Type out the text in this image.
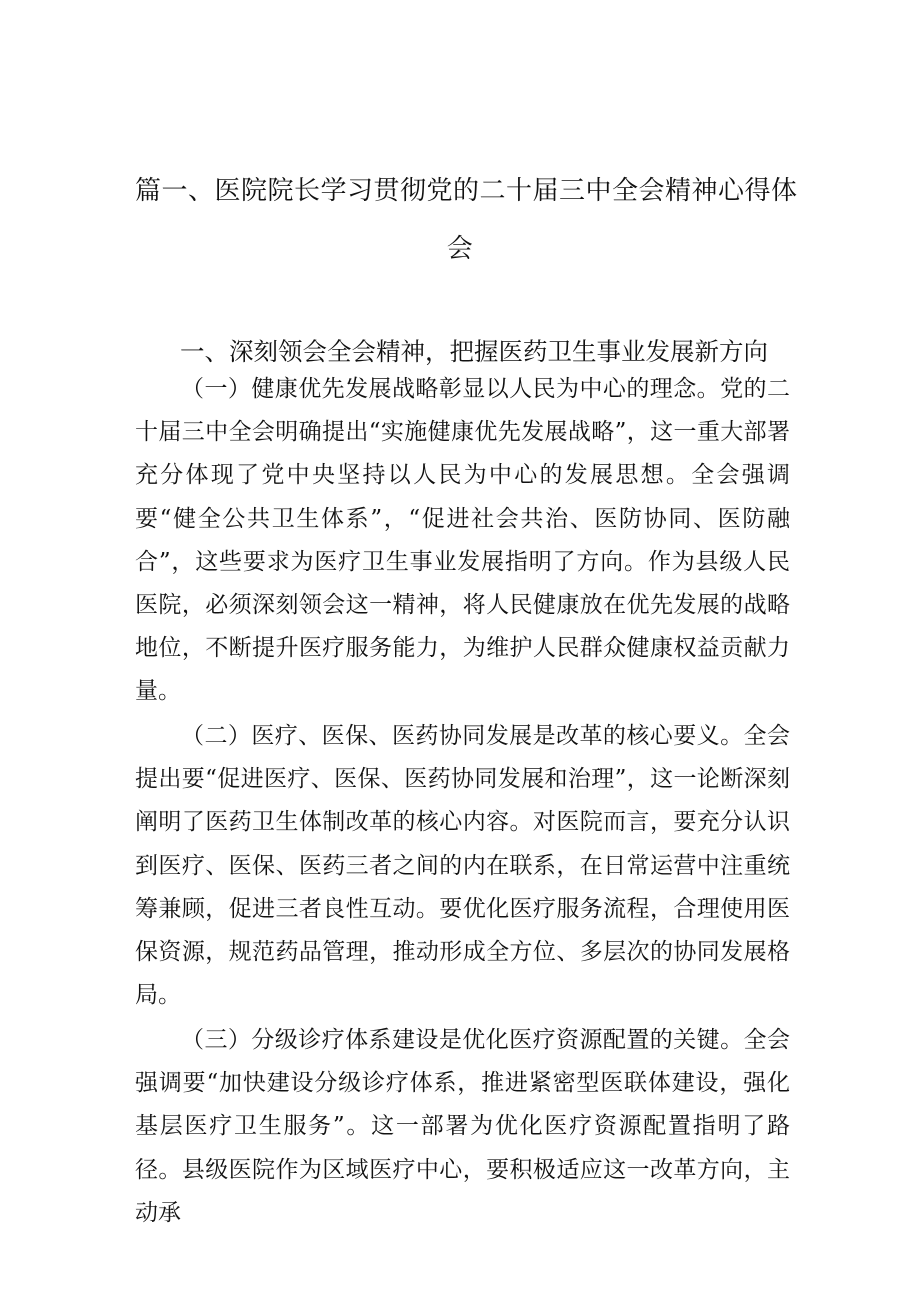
篇一、医院院长学习贯彻党的二十届三中全会精神心得体
会
一、深刻领会全会精神，把握医药卫生事业发展新方向

（一）健康优先发展战略彰显以人民为中心的理念。党的二十届三中全会明确提出“实施健康优先发展战略”，这一重大部署充分体现了党中央坚持以人民为中心的发展思想。全会强调要“健全公共卫生体系”，“促进社会共治、医防协同、医防融合”，这些要求为医疗卫生事业发展指明了方向。作为县级人民医院，必须深刻领会这一精神，将人民健康放在优先发展的战略地位，不断提升医疗服务能力，为维护人民群众健康权益贡献力量。

（二）医疗、医保、医药协同发展是改革的核心要义。全会提出要“促进医疗、医保、医药协同发展和治理”，这一论断深刻阐明了医药卫生体制改革的核心内容。对医院而言，要充分认识到医疗、医保、医药三者之间的内在联系，在日常运营中注重统筹兼顾，促进三者良性互动。要优化医疗服务流程，合理使用医保资源，规范药品管理，推动形成全方位、多层次的协同发展格局。

（三）分级诊疗体系建设是优化医疗资源配置的关键。全会强调要“加快建设分级诊疗体系，推进紧密型医联体建设，强化基层医疗卫生服务”。这一部署为优化医疗资源配置指明了路径。县级医院作为区域医疗中心，要积极适应这一改革方向，主动承
